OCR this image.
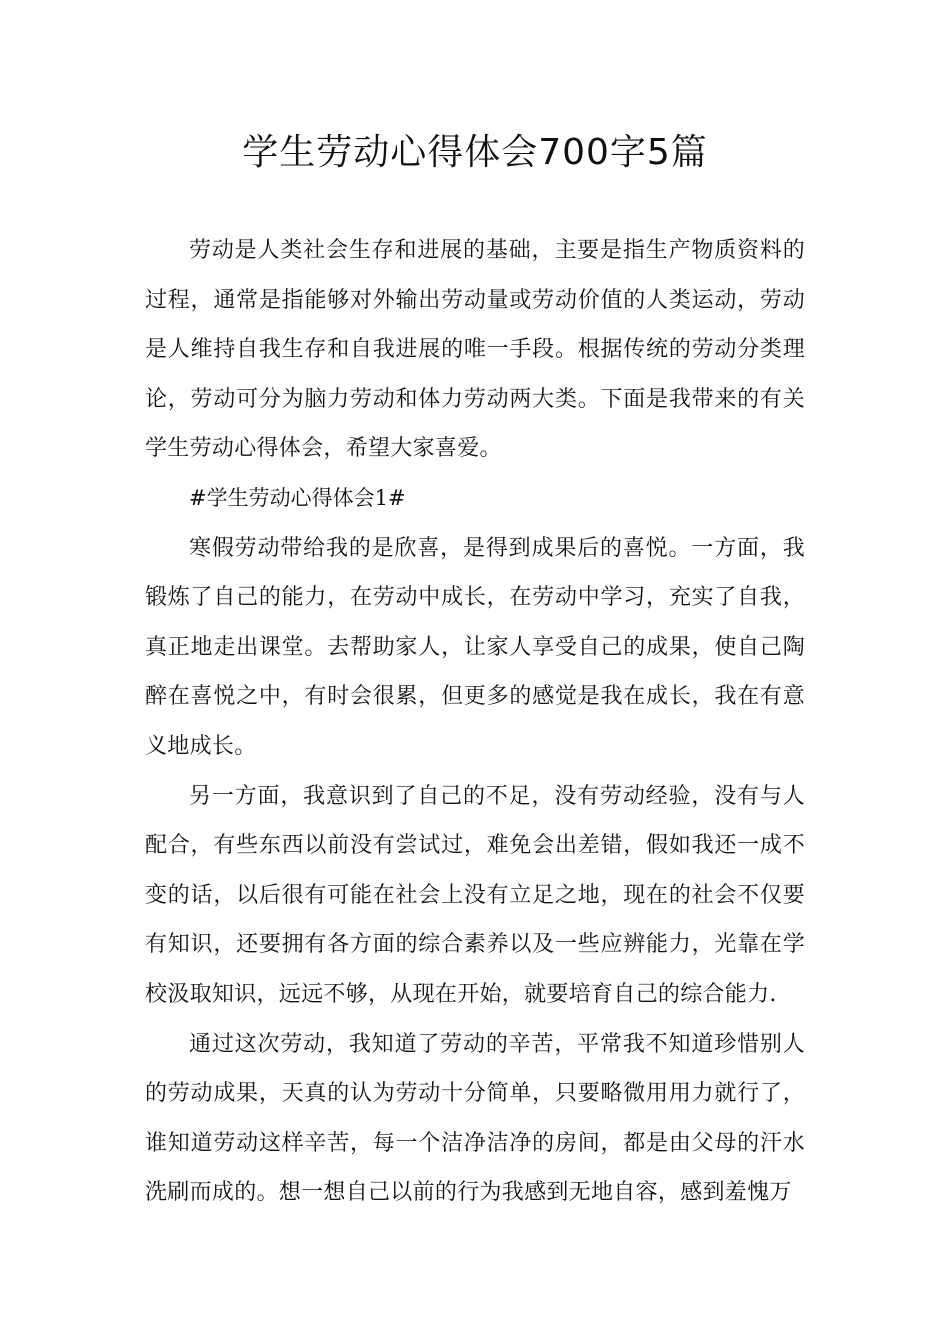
学生劳动心得体会700字5篇

劳动是人类社会生存和进展的基础，主要是指生产物质资料的过程，通常是指能够对外输出劳动量或劳动价值的人类运动，劳动是人维持自我生存和自我进展的唯一手段。根据传统的劳动分类理论，劳动可分为脑力劳动和体力劳动两大类。下面是我带来的有关学生劳动心得体会，希望大家喜爱。

#学生劳动心得体会1#

寒假劳动带给我的是欣喜，是得到成果后的喜悦。一方面，我锻炼了自己的能力，在劳动中成长，在劳动中学习，充实了自我，真正地走出课堂。去帮助家人，让家人享受自己的成果，使自己陶醉在喜悦之中，有时会很累，但更多的感觉是我在成长，我在有意义地成长。

另一方面，我意识到了自己的不足，没有劳动经验，没有与人配合，有些东西以前没有尝试过，难免会出差错，假如我还一成不变的话，以后很有可能在社会上没有立足之地，现在的社会不仅要有知识，还要拥有各方面的综合素养以及一些应辨能力，光靠在学校汲取知识，远远不够，从现在开始，就要培育自己的综合能力.

通过这次劳动，我知道了劳动的辛苦，平常我不知道珍惜别人的劳动成果，天真的认为劳动十分简单，只要略微用用力就行了，谁知道劳动这样辛苦，每一个洁净洁净的房间，都是由父母的汗水洗刷而成的。想一想自己以前的行为我感到无地自容，感到羞愧万
